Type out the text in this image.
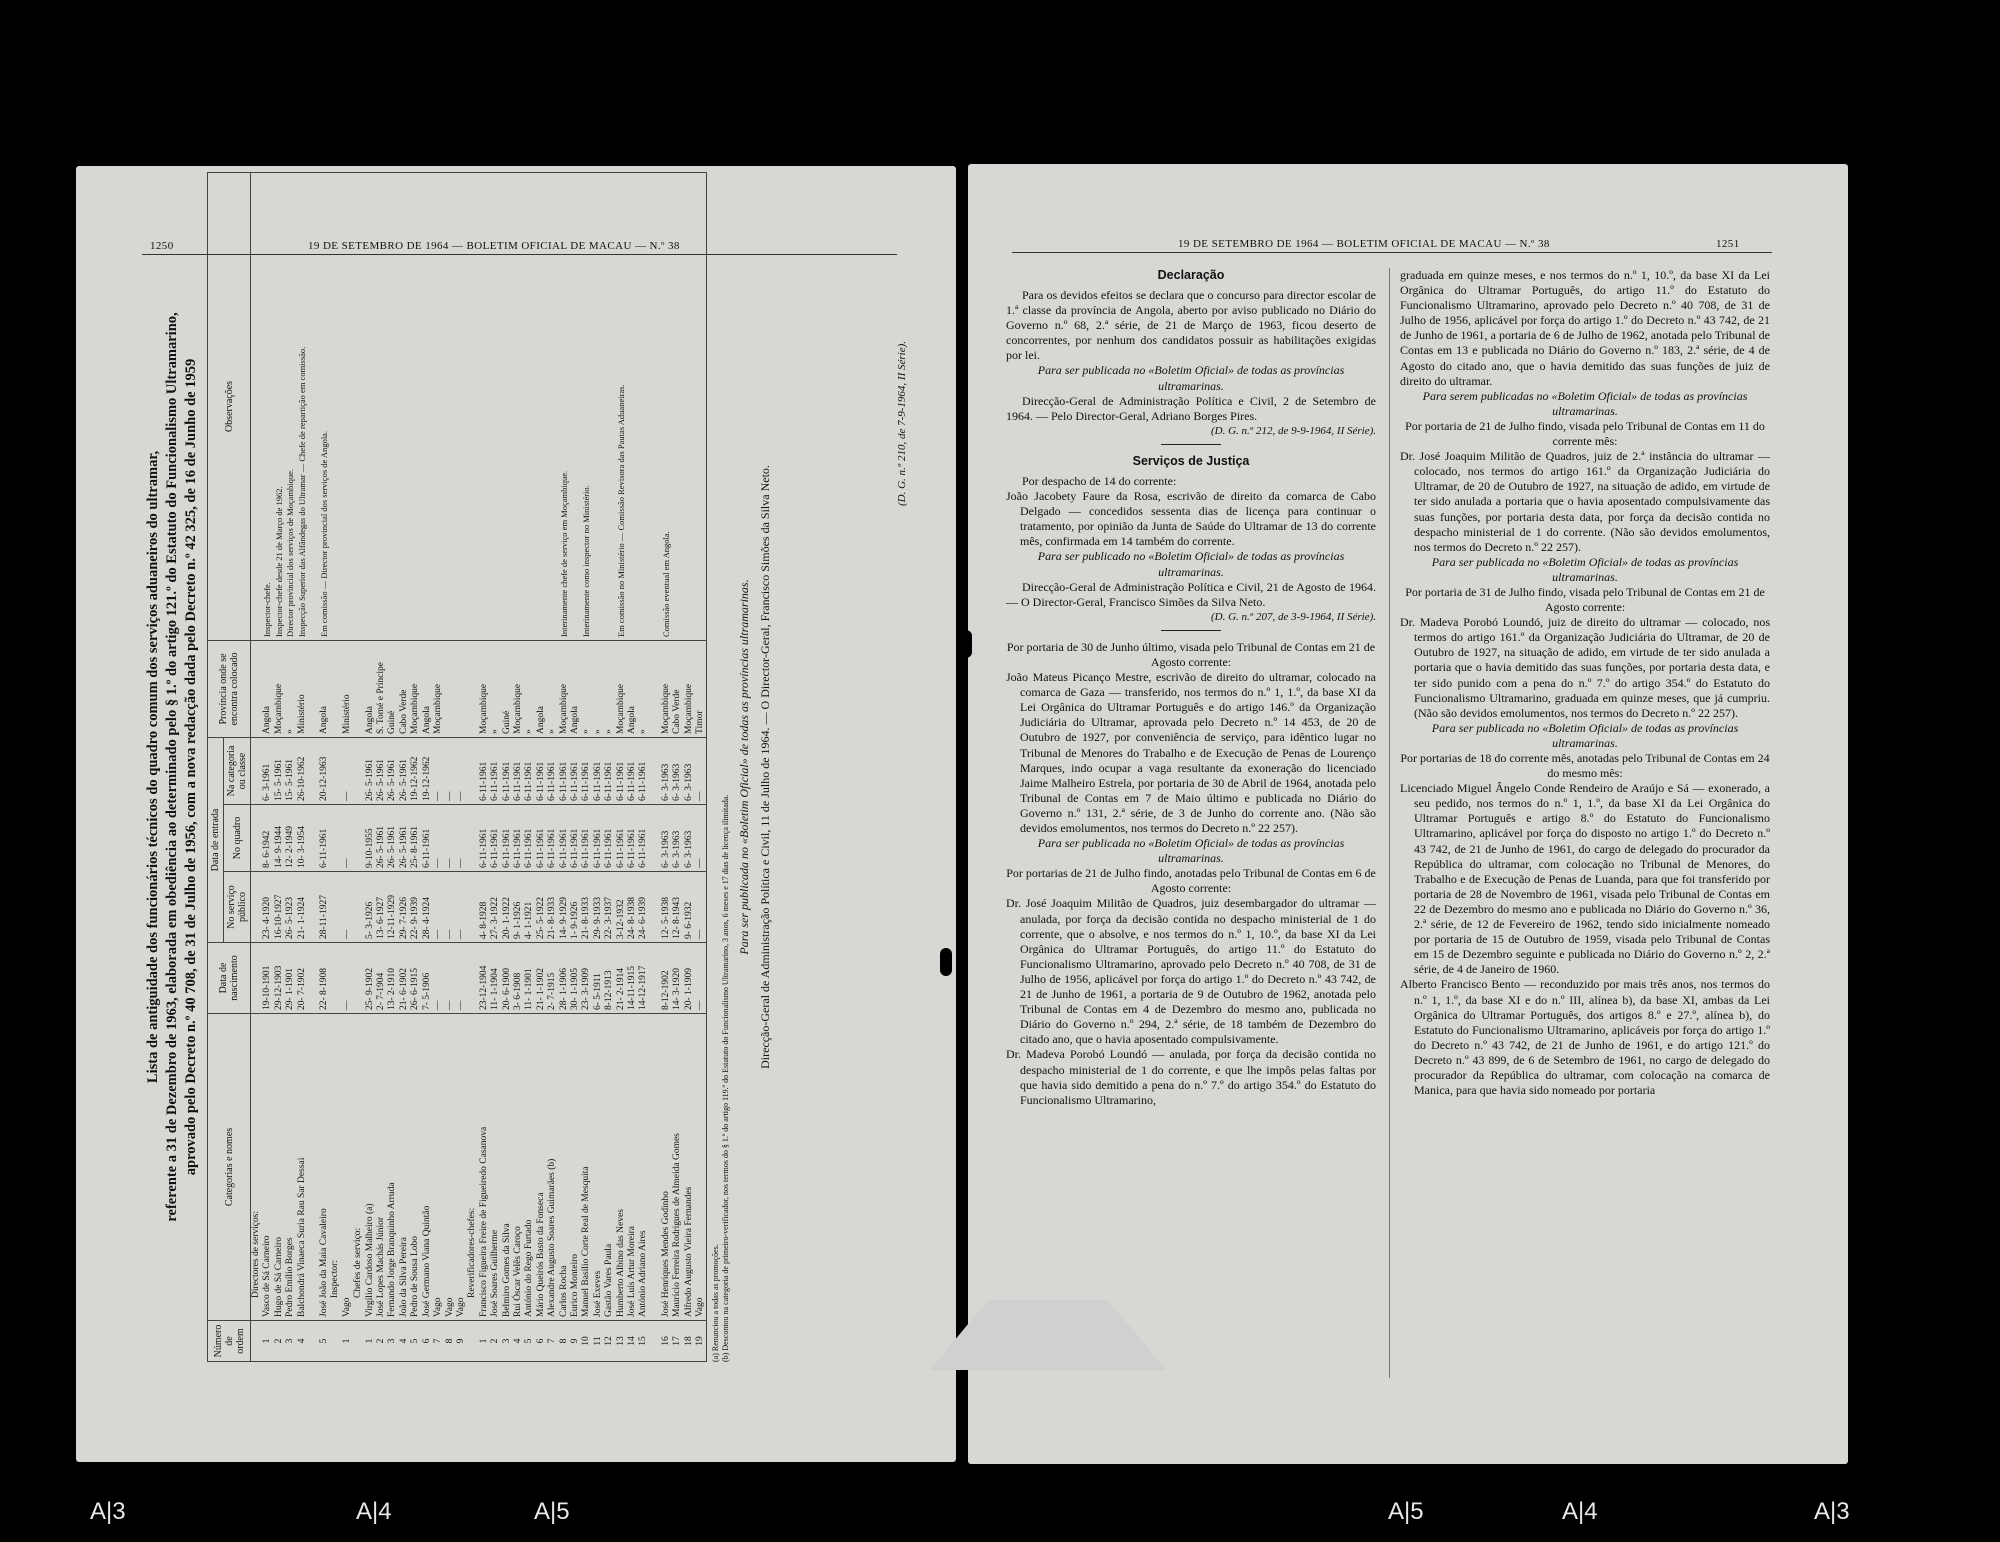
1250	19 DE SETEMBRO DE 1964 — BOLETIM OFICIAL DE MACAU — N.º 38
Lista de antiguidade dos funcionários técnicos do quadro comum dos serviços aduaneiros do ultramar, referente a 31 de Dezembro de 1963, elaborada em obediência ao determinado pelo § 1.º do artigo 121.º do Estatuto do Funcionalismo Ultramarino, aprovado pelo Decreto n.º 40 708, de 31 de Julho de 1956, com a nova redacção dada pelo Decreto n.º 42 325, de 16 de Junho de 1959
Número de ordem	Categorias e nomes	Data de nascimento	Data de entrada			Província onde se encontra colocado	Observações
			No serviço público	No quadro	Na categoria ou classe		
	Directores de serviços:						
1	Vasco de Sá Carneiro	19-10-1901	23- 4-1920	8- 6-1942	6- 3-1961	Angola	Inspector-chefe.
2	Hugo de Sá Carneiro	29-12-1903	16-10-1927	14- 9-1944	15- 5-1961	Moçambique	Inspector-chefe desde 21 de Março de 1962.
3	Pedro Emílio Borges	29- 1-1901	26- 5-1923	12- 2-1949	15- 5-1961	»	Director provincial dos serviços de Moçambique.
4	Balchondrá Vinaeca Suria Rau Sar Dessai	20- 7-1902	21- 1-1924	10- 3-1954	26-10-1962	Ministério	Inspecção Superior das Alfândegas do Ultramar — Chefe de repartição em comissão.

5	José João da Maia Cavaleiro	22- 8-1908	28-11-1927	6-11-1961	20-12-1963	Angola	Em comissão — Director provincial dos serviços de Angola.
	Inspector:						
1	Vago	—	—	—	—	Ministério	
	Chefes de serviço:						
1	Virgílio Cardoso Malheiro (a)	25- 9-1902	5- 3-1926	9-10-1955	26- 5-1961	Angola	
2	José Lopes Machás Júnior	2- 7-1904	13- 6-1927	26- 5-1961	26- 5-1961	S. Tomé e Príncipe	
3	Fernando Jorge Branquinho Arruda	13- 2-1910	12-11-1929	26- 5-1961	26- 5-1961	Guiné	
4	João da Silva Pereira	21- 6-1902	29- 7-1926	26- 5-1961	26- 5-1961	Cabo Verde	
5	Pedro de Sousa Lobo	26- 6-1915	22- 9-1939	25- 8-1961	19-12-1962	Moçambique	
6	José Germano Viana Quintão	7- 5-1906	28- 4-1924	6-11-1961	19-12-1962	Angola	
7	Vago	—	—	—	—	Moçambique	
8	Vago	—	—	—	—		
9	Vago	—	—	—	—		
	Reverificadores-chefes:						
1	Francisco Figueira Freire de Figueiredo Casanova	23-12-1904	4- 8-1928	6-11-1961	6-11-1961	Moçambique	
2	José Soares Guilherme	11- 1-1904	27- 3-1922	6-11-1961	6-11-1961	»	
3	Belmiro Gomes da Silva	20- 6-1900	20- 1-1922	6-11-1961	6-11-1961	Guiné	
4	Rui Óscar Velês Caroço	3- 6-1908	9- 1-1926	6-11-1961	6-11-1961	Moçambique	
5	António do Rego Furtado	11- 1-1901	4- 1-1921	6-11-1961	6-11-1961	»	
6	Mário Queirós Basto da Fonseca	21- 1-1902	25- 5-1922	6-11-1961	6-11-1961	Angola	
7	Alexandre Augusto Soares Guimarães (b)	2- 7-1915	21- 8-1933	6-11-1961	6-11-1961	»	
8	Carlos Rocha	28- 1-1906	14- 9-1929	6-11-1961	6-11-1961	Moçambique	Interinamente chefe de serviço em Moçambique.
9	Eurico Monteiro	30- 1-1905	1- 9-1926	6-11-1961	6-11-1961	Angola	
10	Manuel Basílio Corte Real de Mesquita	23- 3-1909	21- 8-1933	6-11-1961	6-11-1961	»	Interinamente como inspector no Ministério.
11	José Exeves	6- 5-1911	29- 9-1933	6-11-1961	6-11-1961	»	
12	Gastão Vares Paula	8-12-1913	22- 3-1937	6-11-1961	6-11-1961	»	
13	Humberto Albino das Neves	21- 2-1914	3-12-1932	6-11-1961	6-11-1961	Moçambique	Em comissão no Ministério — Comissão Revisora das Pautas Aduaneiras.
14	José Luís Artur Moreira	14-11-1915	24- 8-1938	6-11-1961	6-11-1961	Angola	
15	António Adriano Aires	14-12-1917	24- 6-1939	6-11-1961	6-11-1961	»	

16	José Henriques Mendes Godinho	8-12-1902	12- 5-1938	6- 3-1963	6- 3-1963	Moçambique	Comissão eventual em Angola.
17	Maurício Ferreira Rodrigues de Almeida Gomes	14- 3-1920	12- 8-1943	6- 3-1963	6- 3-1963	Cabo Verde	
18	Alfredo Augusto Vieira Fernandes	20- 1-1909	9- 6-1932	6- 3-1963	6- 3-1963	Moçambique	
19	Vago	—	—	—	—	Timor	
(a) Renunciou a todas as promoções. (b) Descontou na categoria de primeiro-verificador, nos termos do § 1.º do artigo 119.º do Estatuto do Funcionalismo Ultramarino, 3 anos, 6 meses e 17 dias de licença ilimitada.
Para ser publicada no «Boletim Oficial» de todas as províncias ultramarinas. Direcção-Geral de Administração Política e Civil, 11 de Julho de 1964. — O Director-Geral, Francisco Simões da Silva Neto.
(D. G. n.º 210, de 7-9-1964, II Série).
19 DE SETEMBRO DE 1964 — BOLETIM OFICIAL DE MACAU — N.º 38	1251
Declaração

Para os devidos efeitos se declara que o concurso para director escolar de 1.ª classe da província de Angola, aberto por aviso publicado no Diário do Governo n.º 68, 2.ª série, de 21 de Março de 1963, ficou deserto de concorrentes, por nenhum dos candidatos possuir as habilitações exigidas por lei.

Para ser publicada no «Boletim Oficial» de todas as províncias ultramarinas.

Direcção-Geral de Administração Política e Civil, 2 de Setembro de 1964. — Pelo Director-Geral, Adriano Borges Pires.

(D. G. n.º 212, de 9-9-1964, II Série).

Serviços de Justiça

Por despacho de 14 do corrente:

João Jacobety Faure da Rosa, escrivão de direito da comarca de Cabo Delgado — concedidos sessenta dias de licença para continuar o tratamento, por opinião da Junta de Saúde do Ultramar de 13 do corrente mês, confirmada em 14 também do corrente.

Para ser publicado no «Boletim Oficial» de todas as províncias ultramarinas.

Direcção-Geral de Administração Política e Civil, 21 de Agosto de 1964. — O Director-Geral, Francisco Simões da Silva Neto.

(D. G. n.º 207, de 3-9-1964, II Série).

Por portaria de 30 de Junho último, visada pelo Tribunal de Contas em 21 de Agosto corrente:

João Mateus Picanço Mestre, escrivão de direito do ultramar, colocado na comarca de Gaza — transferido, nos termos do n.º 1, 1.º, da base XI da Lei Orgânica do Ultramar Português e do artigo 146.º da Organização Judiciária do Ultramar, aprovada pelo Decreto n.º 14 453, de 20 de Outubro de 1927, por conveniência de serviço, para idêntico lugar no Tribunal de Menores do Trabalho e de Execução de Penas de Lourenço Marques, indo ocupar a vaga resultante da exoneração do licenciado Jaime Malheiro Estrela, por portaria de 30 de Abril de 1964, anotada pelo Tribunal de Contas em 7 de Maio último e publicada no Diário do Governo n.º 131, 2.ª série, de 3 de Junho do corrente ano. (Não são devidos emolumentos, nos termos do Decreto n.º 22 257).

Para ser publicada no «Boletim Oficial» de todas as províncias ultramarinas.

Por portarias de 21 de Julho findo, anotadas pelo Tribunal de Contas em 6 de Agosto corrente:

Dr. José Joaquim Militão de Quadros, juiz desembargador do ultramar — anulada, por força da decisão contida no despacho ministerial de 1 do corrente, que o absolve, e nos termos do n.º 1, 10.º, da base XI da Lei Orgânica do Ultramar Português, do artigo 11.º do Estatuto do Funcionalismo Ultramarino, aprovado pelo Decreto n.º 40 708, de 31 de Julho de 1956, aplicável por força do artigo 1.º do Decreto n.º 43 742, de 21 de Junho de 1961, a portaria de 9 de Outubro de 1962, anotada pelo Tribunal de Contas em 4 de Dezembro do mesmo ano, publicada no Diário do Governo n.º 294, 2.ª série, de 18 também de Dezembro do citado ano, que o havia aposentado compulsivamente.

Dr. Madeva Porobó Loundó — anulada, por força da decisão contida no despacho ministerial de 1 do corrente, e que lhe impôs pelas faltas por que havia sido demitido a pena do n.º 7.º do artigo 354.º do Estatuto do Funcionalismo Ultramarino,

graduada em quinze meses, e nos termos do n.º 1, 10.º, da base XI da Lei Orgânica do Ultramar Português, do artigo 11.º do Estatuto do Funcionalismo Ultramarino, aprovado pelo Decreto n.º 40 708, de 31 de Julho de 1956, aplicável por força do artigo 1.º do Decreto n.º 43 742, de 21 de Junho de 1961, a portaria de 6 de Julho de 1962, anotada pelo Tribunal de Contas em 13 e publicada no Diário do Governo n.º 183, 2.ª série, de 4 de Agosto do citado ano, que o havia demitido das suas funções de juiz de direito do ultramar.

Para serem publicadas no «Boletim Oficial» de todas as províncias ultramarinas.

Por portaria de 21 de Julho findo, visada pelo Tribunal de Contas em 11 do corrente mês:

Dr. José Joaquim Militão de Quadros, juiz de 2.ª instância do ultramar — colocado, nos termos do artigo 161.º da Organização Judiciária do Ultramar, de 20 de Outubro de 1927, na situação de adido, em virtude de ter sido anulada a portaria que o havia aposentado compulsivamente das suas funções, por portaria desta data, por força da decisão contida no despacho ministerial de 1 do corrente. (Não são devidos emolumentos, nos termos do Decreto n.º 22 257).

Para ser publicada no «Boletim Oficial» de todas as províncias ultramarinas.

Por portaria de 31 de Julho findo, visada pelo Tribunal de Contas em 21 de Agosto corrente:

Dr. Madeva Porobó Loundó, juiz de direito do ultramar — colocado, nos termos do artigo 161.º da Organização Judiciária do Ultramar, de 20 de Outubro de 1927, na situação de adido, em virtude de ter sido anulada a portaria que o havia demitido das suas funções, por portaria desta data, e ter sido punido com a pena do n.º 7.º do artigo 354.º do Estatuto do Funcionalismo Ultramarino, graduada em quinze meses, que já cumpriu. (Não são devidos emolumentos, nos termos do Decreto n.º 22 257).

Para ser publicada no «Boletim Oficial» de todas as províncias ultramarinas.

Por portarias de 18 do corrente mês, anotadas pelo Tribunal de Contas em 24 do mesmo mês:

Licenciado Miguel Ângelo Conde Rendeiro de Araújo e Sá — exonerado, a seu pedido, nos termos do n.º 1, 1.º, da base XI da Lei Orgânica do Ultramar Português e artigo 8.º do Estatuto do Funcionalismo Ultramarino, aplicável por força do disposto no artigo 1.º do Decreto n.º 43 742, de 21 de Junho de 1961, do cargo de delegado do procurador da República do ultramar, com colocação no Tribunal de Menores, do Trabalho e de Execução de Penas de Luanda, para que foi transferido por portaria de 28 de Novembro de 1961, visada pelo Tribunal de Contas em 22 de Dezembro do mesmo ano e publicada no Diário do Governo n.º 36, 2.ª série, de 12 de Fevereiro de 1962, tendo sido inicialmente nomeado por portaria de 15 de Outubro de 1959, visada pelo Tribunal de Contas em 15 de Dezembro seguinte e publicada no Diário do Governo n.º 2, 2.ª série, de 4 de Janeiro de 1960.

Alberto Francisco Bento — reconduzido por mais três anos, nos termos do n.º 1, 1.º, da base XI e do n.º III, alínea b), da base XI, ambas da Lei Orgânica do Ultramar Português, dos artigos 8.º e 27.º, alínea b), do Estatuto do Funcionalismo Ultramarino, aplicáveis por força do artigo 1.º do Decreto n.º 43 742, de 21 de Junho de 1961, e do artigo 121.º do Decreto n.º 43 899, de 6 de Setembro de 1961, no cargo de delegado do procurador da República do ultramar, com colocação na comarca de Manica, para que havia sido nomeado por portaria

A|3	A|4	A|5	A|5	A|4	A|3
